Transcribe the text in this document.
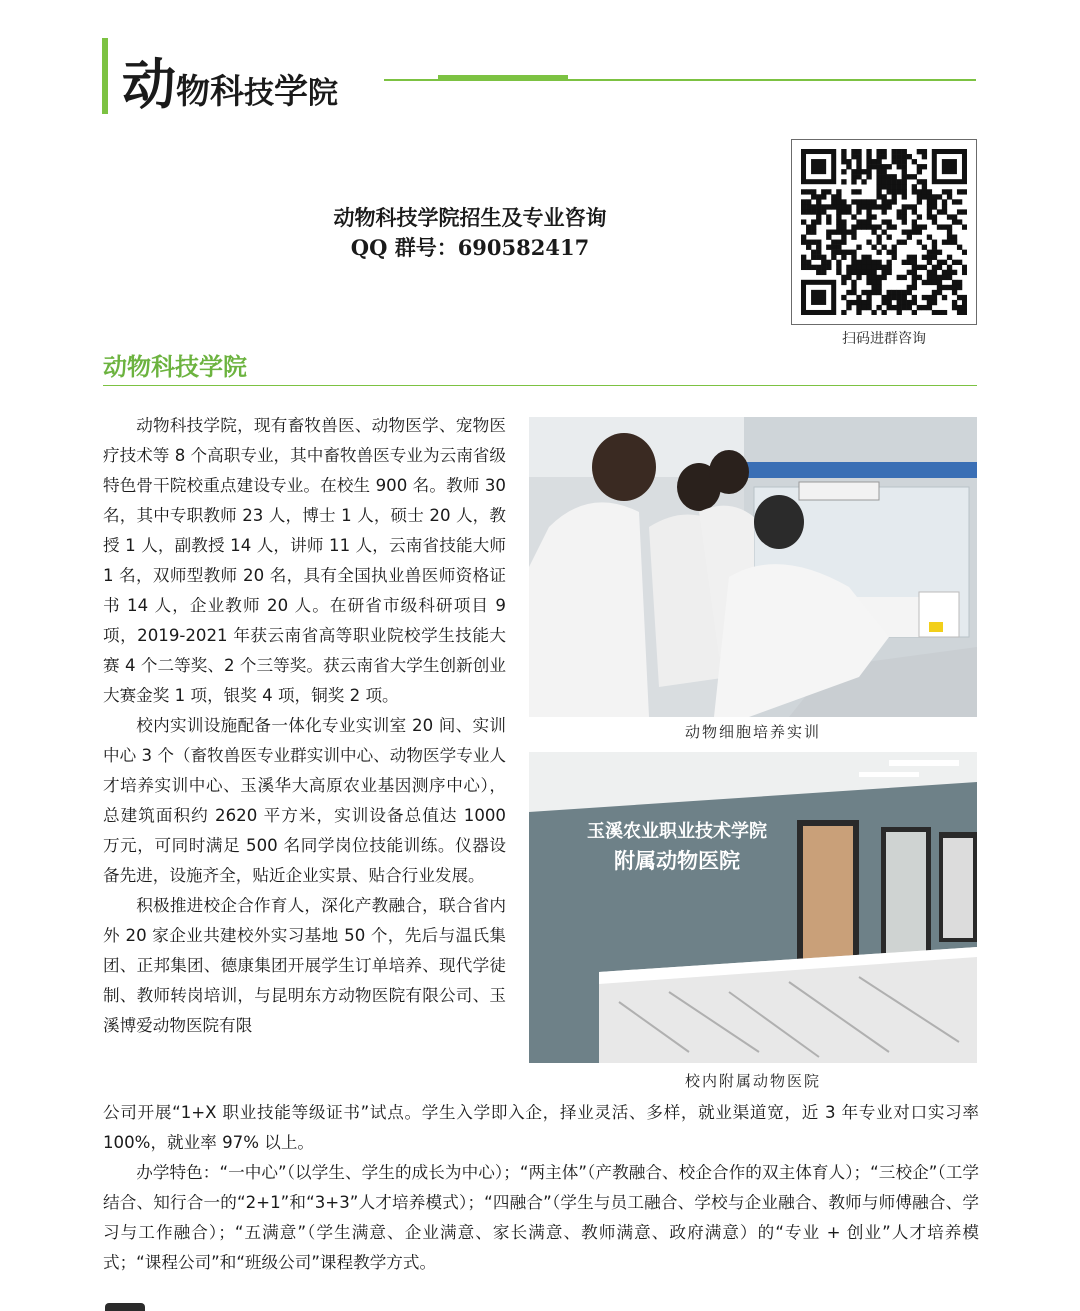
动物科技学院
动物科技学院招生及专业咨询
QQ 群号：690582417
扫码进群咨询
动物科技学院

动物科技学院，现有畜牧兽医、动物医学、宠物医疗技术等 8 个高职专业，其中畜牧兽医专业为云南省级特色骨干院校重点建设专业。在校生 900 名。教师 30 名，其中专职教师 23 人，博士 1 人，硕士 20 人，教授 1 人，副教授 14 人，讲师 11 人，云南省技能大师 1 名，双师型教师 20 名，具有全国执业兽医师资格证书 14 人，企业教师 20 人。在研省市级科研项目 9 项，2019-2021 年获云南省高等职业院校学生技能大赛 4 个二等奖、2 个三等奖。获云南省大学生创新创业大赛金奖 1 项，银奖 4 项，铜奖 2 项。

校内实训设施配备一体化专业实训室 20 间、实训中心 3 个（畜牧兽医专业群实训中心、动物医学专业人才培养实训中心、玉溪华大高原农业基因测序中心），总建筑面积约 2620 平方米，实训设备总值达 1000 万元，可同时满足 500 名同学岗位技能训练。仪器设备先进，设施齐全，贴近企业实景、贴合行业发展。

积极推进校企合作育人，深化产教融合，联合省内外 20 家企业共建校外实习基地 50 个，先后与温氏集团、正邦集团、德康集团开展学生订单培养、现代学徒制、教师转岗培训，与昆明东方动物医院有限公司、玉溪博爱动物医院有限

公司开展“1+X 职业技能等级证书”试点。学生入学即入企，择业灵活、多样，就业渠道宽，近 3 年专业对口实习率 100%，就业率 97% 以上。

办学特色：“一中心”（以学生、学生的成长为中心）；“两主体”（产教融合、校企合作的双主体育人）；“三校企”（工学结合、知行合一的“2+1”和“3+3”人才培养模式）；“四融合”（学生与员工融合、学校与企业融合、教师与师傅融合、学习与工作融合）；“五满意”（学生满意、企业满意、家长满意、教师满意、政府满意）的“专业 + 创业”人才培养模式；“课程公司”和“班级公司”课程教学方式。

动物细胞培养实训
玉溪农业职业技术学院
附属动物医院
校内附属动物医院
